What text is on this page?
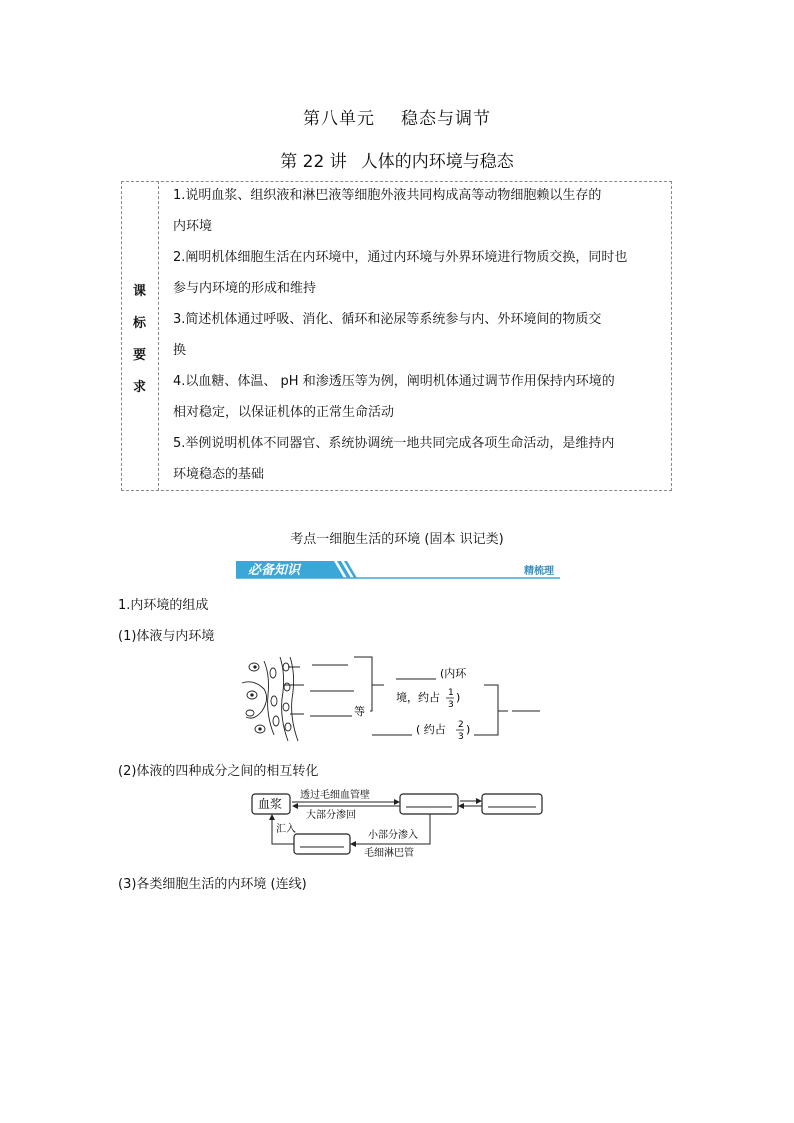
第八单元 稳态与调节
第 22 讲 人体的内环境与稳态
课
标
要
求
1.说明血浆、组织液和淋巴液等细胞外液共同构成高等动物细胞赖以生存的
内环境
2.阐明机体细胞生活在内环境中，通过内环境与外界环境进行物质交换，同时也
参与内环境的形成和维持
3.简述机体通过呼吸、消化、循环和泌尿等系统参与内、外环境间的物质交
换
4.以血糖、体温、 pH 和渗透压等为例，阐明机体通过调节作用保持内环境的
相对稳定，以保证机体的正常生命活动
5.举例说明机体不同器官、系统协调统一地共同完成各项生命活动，是维持内
环境稳态的基础
考点一细胞生活的环境 (固本 识记类)
必备知识	精梳理
1.内环境的组成
(1)体液与内环境
(2)体液的四种成分之间的相互转化
(3)各类细胞生活的内环境 (连线)
等
(内环
境，约占 1
3
)
( 约占 2
3
)
血浆
透过毛细血管壁
大部分渗回
小部分渗入
毛细淋巴管
汇入
